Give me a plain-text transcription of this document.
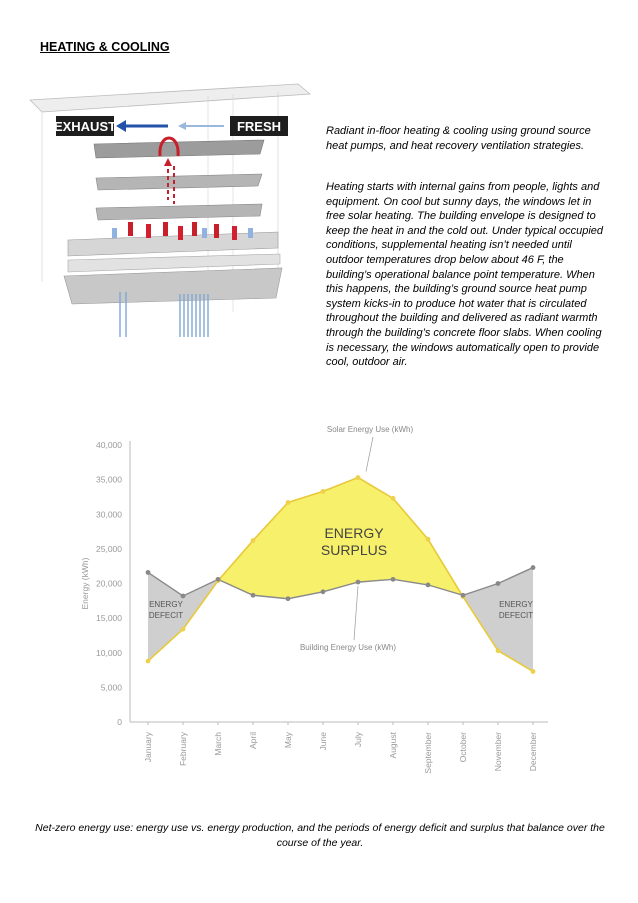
HEATING & COOLING
EXHAUST	FRESH	Radiant in-floor heating & cooling using ground source heat pumps, and heat recovery ventilation strategies.

Heating starts with internal gains from people, lights and equipment. On cool but sunny days, the windows let in free solar heating. The building envelope is designed to keep the heat in and the cold out. Under typical occupied conditions, supplemental heating isn’t needed until outdoor temperatures drop below about 46 F, the building’s operational balance point temperature. When this happens, the building’s ground source heat pump system kicks-in to produce hot water that is circulated throughout the building and delivered as radiant warmth through the building’s concrete floor slabs. When cooling is necessary, the windows automatically open to provide cool, outdoor air.

0
5,000
10,000
15,000
20,000
25,000
30,000
35,000
40,000
January	February	March	April	May	June	July	August	September	October	November	December
Energy (kWh)
Solar Energy Use (kWh)
Building Energy Use (kWh)
ENERGY
SURPLUS
ENERGY
DEFECIT
ENERGY
DEFECIT

Net-zero energy use: energy use vs. energy production, and the periods of energy deficit and surplus that balance over the course of the year.
